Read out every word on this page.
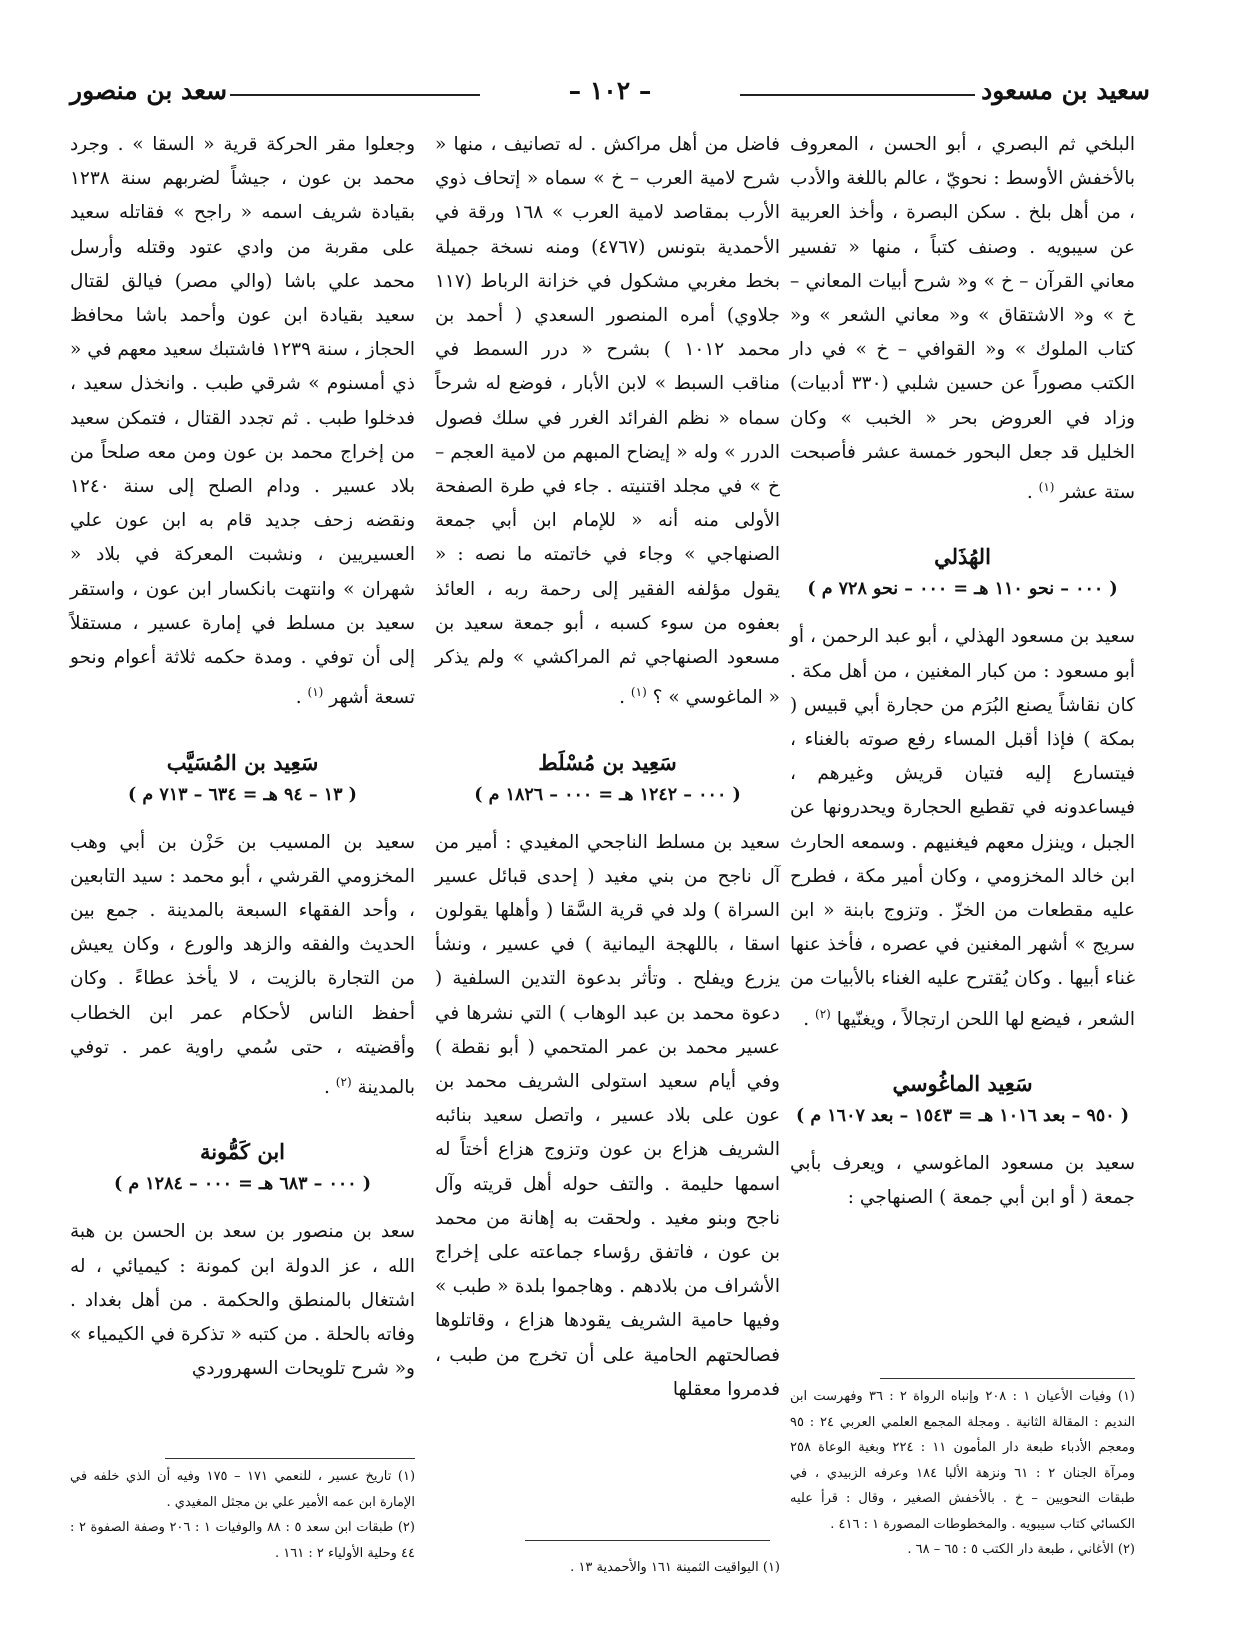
سعيد بن مسعود
– ١٠٢ –
سعد بن منصور

البلخي ثم البصري ، أبو الحسن ، المعروف بالأخفش الأوسط : نحويّ ، عالم باللغة والأدب ، من أهل بلخ . سكن البصرة ، وأخذ العربية عن سيبويه . وصنف كتباً ، منها « تفسير معاني القرآن – خ » و« شرح أبيات المعاني – خ » و« الاشتقاق » و« معاني الشعر » و« كتاب الملوك » و« القوافي – خ » في دار الكتب مصوراً عن حسين شلبي (٣٣٠ أدبيات) وزاد في العروض بحر « الخبب » وكان الخليل قد جعل البحور خمسة عشر فأصبحت ستة عشر $^{(١)}$ .

الهُذَلي

( ٠٠٠ – نحو ١١٠ هـ = ٠٠٠ – نحو ٧٢٨ م )

سعيد بن مسعود الهذلي ، أبو عبد الرحمن ، أو أبو مسعود : من كبار المغنين ، من أهل مكة . كان نقاشاً يصنع البُرَم من حجارة أبي قبيس ( بمكة ) فإذا أقبل المساء رفع صوته بالغناء ، فيتسارع إليه فتيان قريش وغيرهم ، فيساعدونه في تقطيع الحجارة ويحدرونها عن الجبل ، وينزل معهم فيغنيهم . وسمعه الحارث ابن خالد المخزومي ، وكان أمير مكة ، فطرح عليه مقطعات من الخزّ . وتزوج بابنة « ابن سريج » أشهر المغنين في عصره ، فأخذ عنها غناء أبيها . وكان يُقترح عليه الغناء بالأبيات من الشعر ، فيضع لها اللحن ارتجالاً ، ويغنّيها $^{(٢)}$ .

سَعِيد الماغُوسي

( ٩٥٠ – بعد ١٠١٦ هـ = ١٥٤٣ – بعد ١٦٠٧ م )

سعيد بن مسعود الماغوسي ، ويعرف بأبي جمعة ( أو ابن أبي جمعة ) الصنهاجي :

فاضل من أهل مراكش . له تصانيف ، منها « شرح لامية العرب – خ » سماه « إتحاف ذوي الأرب بمقاصد لامية العرب » ١٦٨ ورقة في الأحمدية بتونس (٤٧٦٧) ومنه نسخة جميلة بخط مغربي مشكول في خزانة الرباط (١١٧ جلاوي) أمره المنصور السعدي ( أحمد بن محمد ١٠١٢ ) بشرح « درر السمط في مناقب السبط » لابن الأبار ، فوضع له شرحاً سماه « نظم الفرائد الغرر في سلك فصول الدرر » وله « إيضاح المبهم من لامية العجم – خ » في مجلد اقتنيته . جاء في طرة الصفحة الأولى منه أنه « للإمام ابن أبي جمعة الصنهاجي » وجاء في خاتمته ما نصه : « يقول مؤلفه الفقير إلى رحمة ربه ، العائذ بعفوه من سوء كسبه ، أبو جمعة سعيد بن مسعود الصنهاجي ثم المراكشي » ولم يذكر « الماغوسي » ؟ $^{(١)}$ .

سَعِيد بن مُسْلَط

( ٠٠٠ – ١٢٤٢ هـ = ٠٠٠ – ١٨٢٦ م )

سعيد بن مسلط الناجحي المغيدي : أمير من آل ناجح من بني مغيد ( إحدى قبائل عسير السراة ) ولد في قرية السَّقا ( وأهلها يقولون اسقا ، باللهجة اليمانية ) في عسير ، ونشأ يزرع ويفلح . وتأثر بدعوة التدين السلفية ( دعوة محمد بن عبد الوهاب ) التي نشرها في عسير محمد بن عمر المتحمي ( أبو نقطة ) وفي أيام سعيد استولى الشريف محمد بن عون على بلاد عسير ، واتصل سعيد بنائبه الشريف هزاع بن عون وتزوج هزاع أختاً له اسمها حليمة . والتف حوله أهل قريته وآل ناجح وبنو مغيد . ولحقت به إهانة من محمد بن عون ، فاتفق رؤساء جماعته على إخراج الأشراف من بلادهم . وهاجموا بلدة « طبب » وفيها حامية الشريف يقودها هزاع ، وقاتلوها فصالحتهم الحامية على أن تخرج من طبب ، فدمروا معقلها

وجعلوا مقر الحركة قرية « السقا » . وجرد محمد بن عون ، جيشاً لضربهم سنة ١٢٣٨ بقيادة شريف اسمه « راجح » فقاتله سعيد على مقربة من وادي عتود وقتله وأرسل محمد علي باشا (والي مصر) فيالق لقتال سعيد بقيادة ابن عون وأحمد باشا محافظ الحجاز ، سنة ١٢٣٩ فاشتبك سعيد معهم في « ذي أمسنوم » شرقي طبب . وانخذل سعيد ، فدخلوا طبب . ثم تجدد القتال ، فتمكن سعيد من إخراج محمد بن عون ومن معه صلحاً من بلاد عسير . ودام الصلح إلى سنة ١٢٤٠ ونقضه زحف جديد قام به ابن عون علي العسيريين ، ونشبت المعركة في بلاد « شهران » وانتهت بانكسار ابن عون ، واستقر سعيد بن مسلط في إمارة عسير ، مستقلاً إلى أن توفي . ومدة حكمه ثلاثة أعوام ونحو تسعة أشهر $^{(١)}$ .

سَعِيد بن المُسَيَّب

( ١٣ – ٩٤ هـ = ٦٣٤ – ٧١٣ م )

سعيد بن المسيب بن حَزْن بن أبي وهب المخزومي القرشي ، أبو محمد : سيد التابعين ، وأحد الفقهاء السبعة بالمدينة . جمع بين الحديث والفقه والزهد والورع ، وكان يعيش من التجارة بالزيت ، لا يأخذ عطاءً . وكان أحفظ الناس لأحكام عمر ابن الخطاب وأقضيته ، حتى سُمي راوية عمر . توفي بالمدينة $^{(٢)}$ .

ابن كَمُّونة

( ٠٠٠ – ٦٨٣ هـ = ٠٠٠ – ١٢٨٤ م )

سعد بن منصور بن سعد بن الحسن بن هبة الله ، عز الدولة ابن كمونة : كيميائي ، له اشتغال بالمنطق والحكمة . من أهل بغداد . وفاته بالحلة . من كتبه « تذكرة في الكيمياء » و« شرح تلويحات السهروردي

(١) وفيات الأعيان ١ : ٢٠٨ وإنباه الرواة ٢ : ٣٦ وفهرست ابن النديم : المقالة الثانية . ومجلة المجمع العلمي العربي ٢٤ : ٩٥ ومعجم الأدباء طبعة دار المأمون ١١ : ٢٢٤ وبغية الوعاة ٢٥٨ ومرآة الجنان ٢ : ٦١ ونزهة الألبا ١٨٤ وعرفه الزبيدي ، في طبقات النحويين – خ . بالأخفش الصغير ، وقال : قرأ عليه الكسائي كتاب سيبويه . والمخطوطات المصورة ١ : ٤١٦ .

(٢) الأغاني ، طبعة دار الكتب ٥ : ٦٥ – ٦٨ .

(١) اليواقيت الثمينة ١٦١ والأحمدية ١٣ .

(١) تاريخ عسير ، للنعمي ١٧١ – ١٧٥ وفيه أن الذي خلفه في الإمارة ابن عمه الأمير علي بن مجثل المغيدي .

(٢) طبقات ابن سعد ٥ : ٨٨ والوفيات ١ : ٢٠٦ وصفة الصفوة ٢ : ٤٤ وحلية الأولياء ٢ : ١٦١ .
